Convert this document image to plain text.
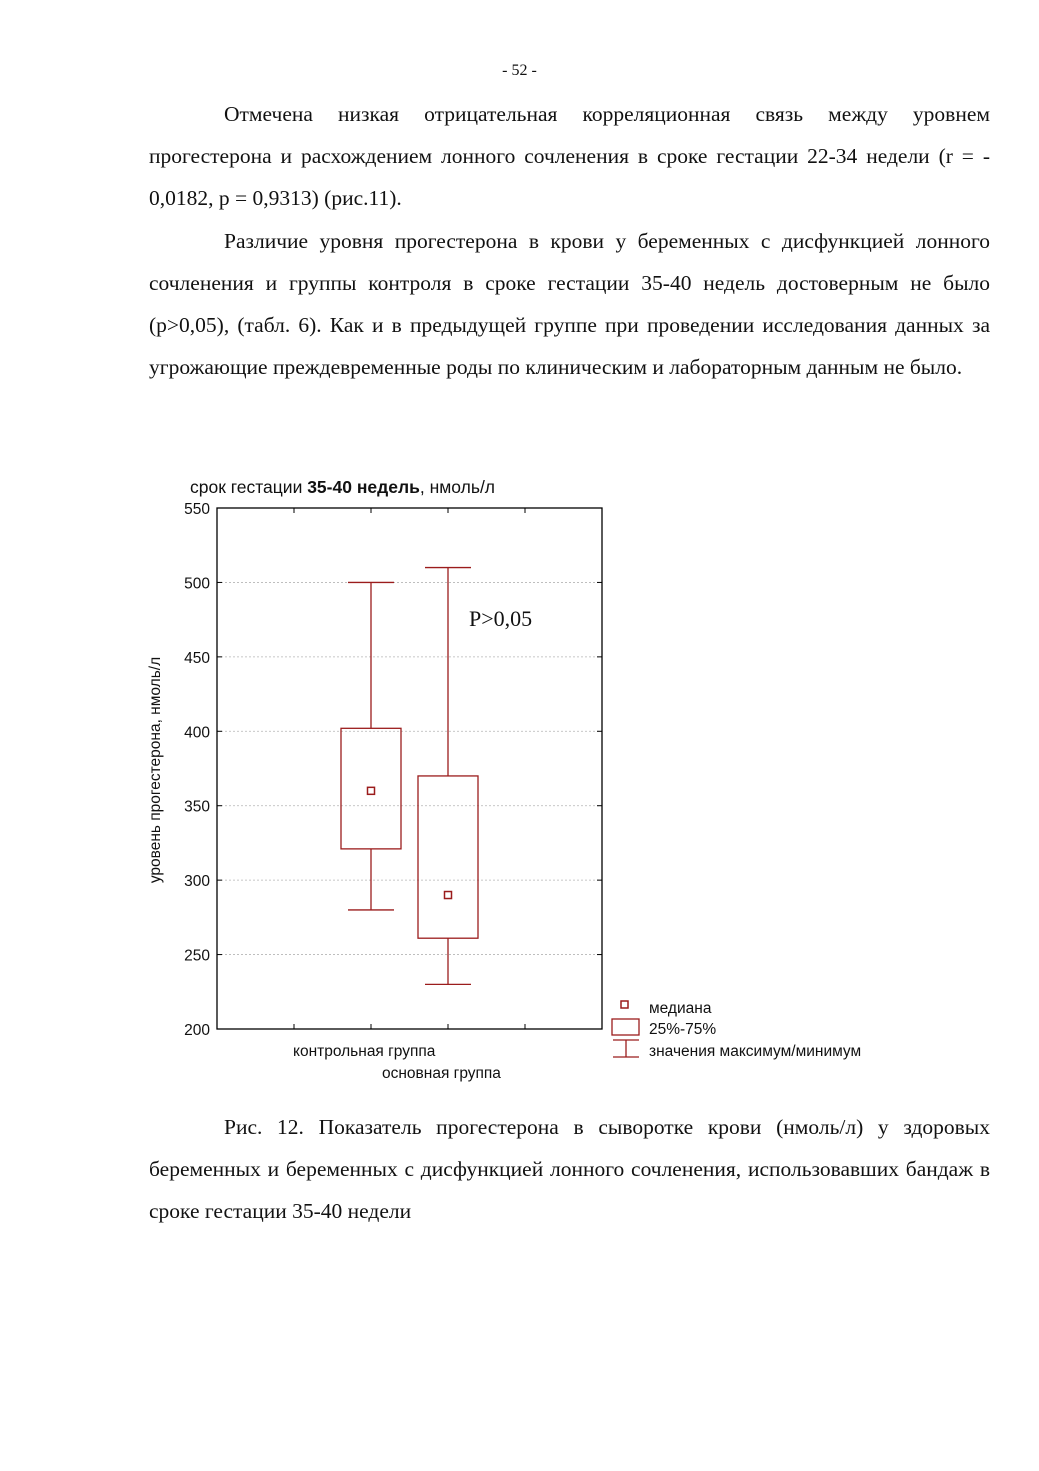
- 52 -

Отмечена низкая отрицательная корреляционная связь между уровнем прогестерона и расхождением лонного сочленения в сроке гестации 22-34 недели (r = - 0,0182, р = 0,9313) (рис.11).

Различие уровня прогестерона в крови у беременных с дисфункцией лонного сочленения и группы контроля в сроке гестации 35-40 недель достоверным не было (p>0,05), (табл. 6). Как и в предыдущей группе при проведении исследования данных за угрожающие преждевременные роды по клиническим и лабораторным данным не было.

срок гестации 35-40 недель, нмоль/л
200
250
300
350
400
450
500
550
уровень прогестерона, нмоль/л
P>0,05
контрольная группа
основная группа
медиана
25%-75%
значения максимум/минимум

Рис. 12. Показатель прогестерона в сыворотке крови (нмоль/л) у здоровых беременных и беременных с дисфункцией лонного сочленения, использовавших бандаж в сроке гестации 35-40 недели
